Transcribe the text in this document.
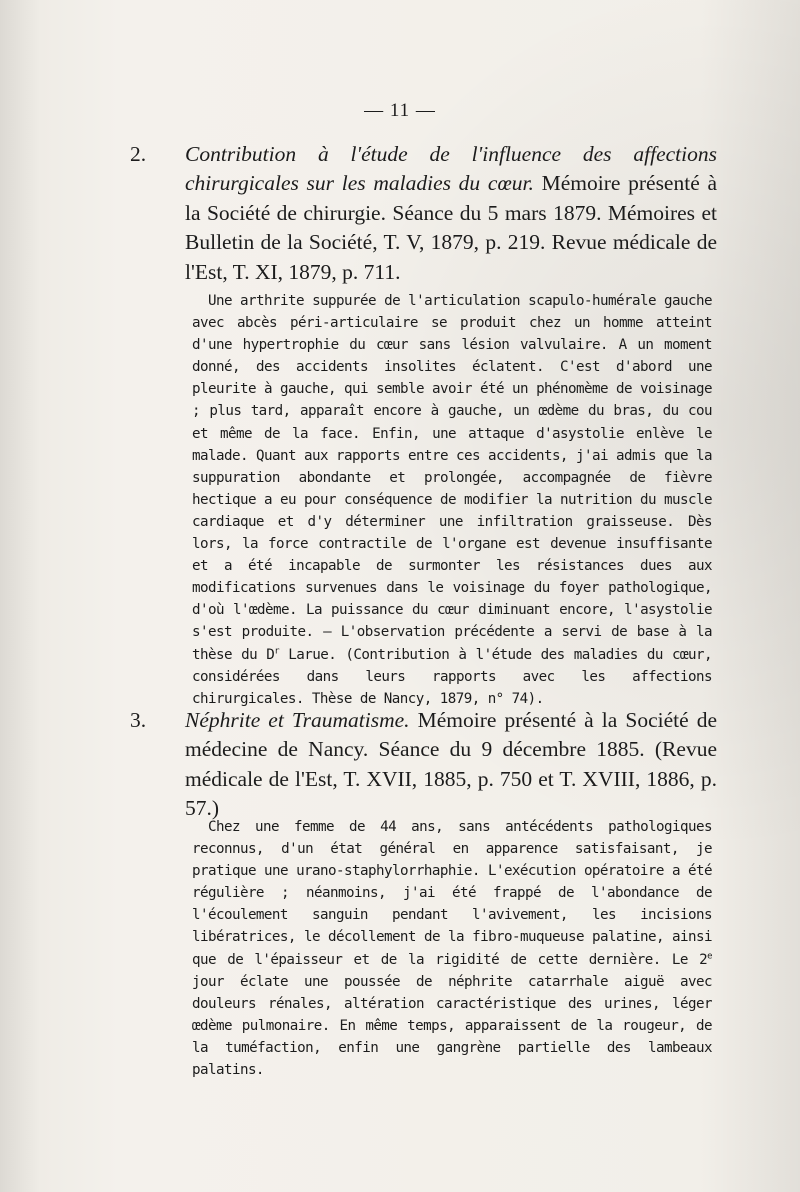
— 11 —
2. Contribution à l'étude de l'influence des affections chirurgicales sur les maladies du cœur. Mémoire présenté à la Société de chirurgie. Séance du 5 mars 1879. Mémoires et Bulletin de la Société, T. V, 1879, p. 219. Revue médicale de l'Est, T. XI, 1879, p. 711.
Une arthrite suppurée de l'articulation scapulo-humérale gauche avec abcès péri-articulaire se produit chez un homme atteint d'une hypertrophie du cœur sans lésion valvulaire. A un moment donné, des accidents insolites éclatent. C'est d'abord une pleurite à gauche, qui semble avoir été un phénomème de voisinage ; plus tard, apparaît encore à gauche, un œdème du bras, du cou et même de la face. Enfin, une attaque d'asystolie enlève le malade. Quant aux rapports entre ces accidents, j'ai admis que la suppuration abondante et prolongée, accompagnée de fièvre hectique a eu pour conséquence de modifier la nutrition du muscle cardiaque et d'y déterminer une infiltration graisseuse. Dès lors, la force contractile de l'organe est devenue insuffisante et a été incapable de surmonter les résistances dues aux modifications survenues dans le voisinage du foyer pathologique, d'où l'œdème. La puissance du cœur diminuant encore, l'asystolie s'est produite. — L'observation précédente a servi de base à la thèse du $D^r$ Larue. (Contribution à l'étude des maladies du cœur, considérées dans leurs rapports avec les affections chirurgicales. Thèse de Nancy, 1879, n° 74).
3. Néphrite et Traumatisme. Mémoire présenté à la Société de médecine de Nancy. Séance du 9 décembre 1885. (Revue médicale de l'Est, T. XVII, 1885, p. 750 et T. XVIII, 1886, p. 57.)
Chez une femme de 44 ans, sans antécédents pathologiques reconnus, d'un état général en apparence satisfaisant, je pratique une urano-staphylorrhaphie. L'exécution opératoire a été régulière ; néanmoins, j'ai été frappé de l'abondance de l'écoulement sanguin pendant l'avivement, les incisions libératrices, le décollement de la fibro-muqueuse palatine, ainsi que de l'épaisseur et de la rigidité de cette dernière. Le 2e jour éclate une poussée de néphrite catarrhale aiguë avec douleurs rénales, altération caractéristique des urines, léger œdème pulmonaire. En même temps, apparaissent de la rougeur, de la tuméfaction, enfin une gangrène partielle des lambeaux palatins.
